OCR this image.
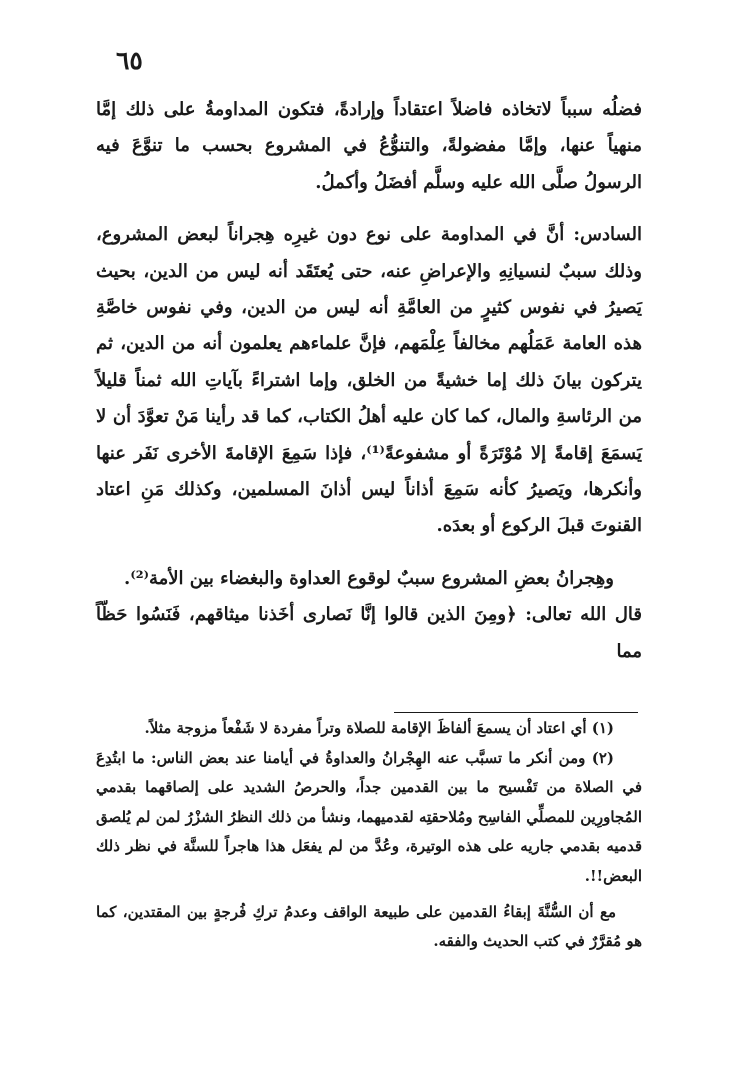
٦٥

فضلُه سبباً لاتخاذه فاضلاً اعتقاداً وإرادةً، فتكون المداومةُ على ذلك إمَّا منهياً عنها، وإمَّا مفضولةً، والتنوُّعُ في المشروع بحسب ما تنوَّعَ فيه الرسولُ صلَّى الله عليه وسلَّم أفضَلُ وأكملُ.

السادس: أنَّ في المداومة على نوع دون غيرِه هِجراناً لبعض المشروع، وذلك سببٌ لنسيانِهِ والإعراضِ عنه، حتى يُعتَقَد أنه ليس من الدين، بحيث يَصيرُ في نفوس كثيرٍ من العامَّةِ أنه ليس من الدين، وفي نفوس خاصَّةِ هذه العامة عَمَلُهم مخالفاً عِلْمَهم، فإنَّ علماءهم يعلمون أنه من الدين، ثم يتركون بيانَ ذلك إما خشيةً من الخلق، وإما اشتراءً بآياتِ الله ثمناً قليلاً من الرئاسةِ والمال، كما كان عليه أهلُ الكتاب، كما قد رأينا مَنْ تعوَّدَ أن لا يَسمَعَ إقامةً إلا مُوْتَرَةً أو مشفوعةً⁽¹⁾، فإذا سَمِعَ الإقامةَ الأخرى نَفَر عنها وأنكرها، ويَصيرُ كأنه سَمِعَ أذاناً ليس أذانَ المسلمين، وكذلك مَنِ اعتاد القنوتَ قبلَ الركوع أو بعدَه.

وهِجرانُ بعضِ المشروع سببٌ لوقوع العداوة والبغضاء بين الأمة⁽²⁾.

قال الله تعالى: ﴿ومِنَ الذين قالوا إنَّا نَصارى أخَذنا ميثاقهم، فَنَسُوا حَظّاً مما

(١) أي اعتاد أن يسمعَ ألفاظَ الإقامة للصلاة وتراً مفردة لا شَفْعاً مزوجة مثلاً.

(٢) ومن أنكر ما تسبَّب عنه الهِجْرانُ والعداوةُ في أيامنا عند بعض الناس: ما ابتُدِعَ في الصلاة من تَفْسيح ما بين القدمين جداً، والحرصُ الشديد على إلصاقهما بقدمي المُجاورِين للمصلِّي الفاسِح ومُلاحقتِه لقدميهما، ونشأ من ذلك النظرُ الشزْرُ لمن لم يُلصق قدميه بقدمي جاريه على هذه الوتيرة، وعُدَّ من لم يفعَل هذا هاجراً للسنَّة في نظر ذلك البعض!!.

مع أن السُّنَّةَ إبقاءُ القدمين على طبيعة الواقف وعدمُ تركِ فُرجةٍ بين المقتدين، كما هو مُقرَّرٌ في كتب الحديث والفقه.
